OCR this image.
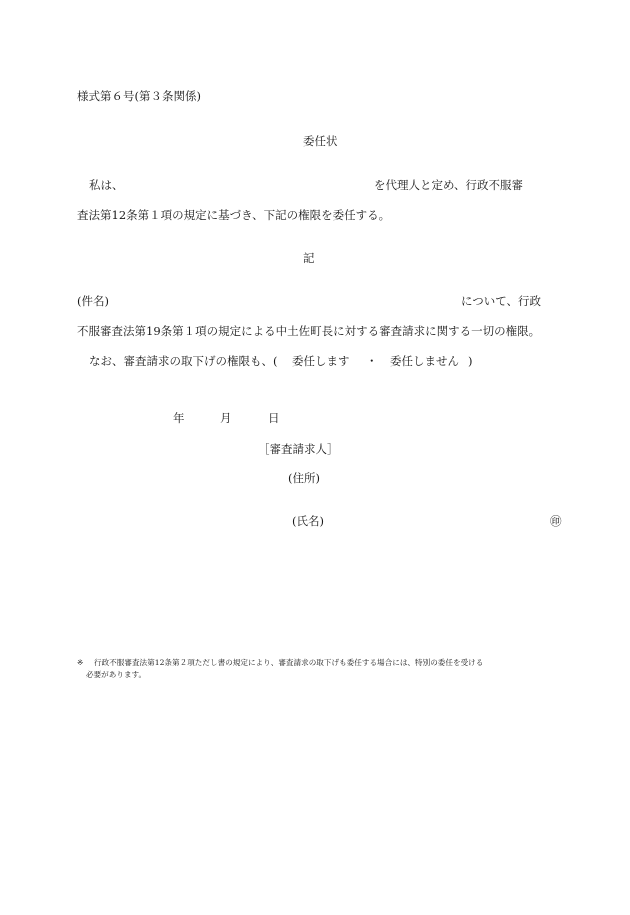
様式第６号(第３条関係)
委任状
私は、	を代理人と定め、行政不服審
査法第12条第１項の規定に基づき、下記の権限を委任する。
記
(件名)	について、行政
不服審査法第19条第１項の規定による中土佐町長に対する審査請求に関する一切の権限。
なお、審査請求の取下げの権限も、( 委任します ・ 委任しません )
年	月	日
［審査請求人］
(住所)
(氏名)	㊞
※ 行政不服審査法第12条第２項ただし書の規定により、審査請求の取下げも委任する場合には、特別の委任を受ける
必要があります。
